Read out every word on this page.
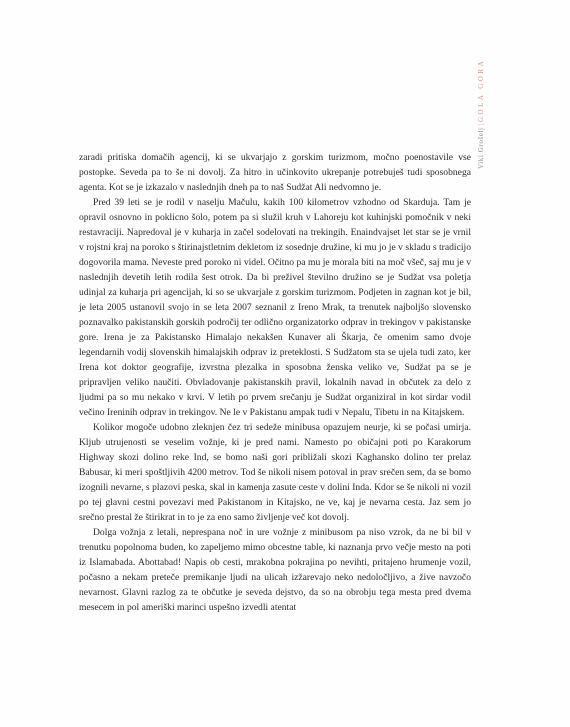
Viki Grošelj
|
GOLA GORA

zaradi pritiska domačih agencij, ki se ukvarjajo z gorskim turizmom, močno poenostavile vse postopke. Seveda pa to še ni dovolj. Za hitro in učinkovito ukrepanje potrebuješ tudi sposobnega agenta. Kot se je izkazalo v naslednjih dneh pa to naš Sudžat Ali nedvomno je.

Pred 39 leti se je rodil v naselju Mačulu, kakih 100 kilometrov vzhodno od Skarduja. Tam je opravil osnovno in poklicno šolo, potem pa si služil kruh v Lahoreju kot kuhinjski pomočnik v neki restavraciji. Napredoval je v kuharja in začel sodelovati na trekingih. Enaindvajset let star se je vrnil v rojstni kraj na poroko s štirinajstletnim dekletom iz sosednje družine, ki mu jo je v skladu s tradicijo dogovorila mama. Neveste pred poroko ni videl. Očitno pa mu je morala biti na moč všeč, saj mu je v naslednjih devetih letih rodila šest otrok. Da bi preživel številno družino se je Sudžat vsa poletja udinjal za kuharja pri agencijah, ki so se ukvarjale z gorskim turizmom. Podjeten in zagnan kot je bil, je leta 2005 ustanovil svojo in se leta 2007 seznanil z Ireno Mrak, ta trenutek najboljšo slovensko poznavalko pakistanskih gorskih področij ter odlično organizatorko odprav in trekingov v pakistanske gore. Irena je za Pakistansko Himalajo nekakšen Kunaver ali Škarja, če omenim samo dvoje legendarnih vodij slovenskih himalajskih odprav iz preteklosti. S Sudžatom sta se ujela tudi zato, ker Irena kot doktor geografije, izvrstna plezalka in sposobna ženska veliko ve, Sudžat pa se je pripravljen veliko naučiti. Obvladovanje pakistanskih pravil, lokalnih navad in občutek za delo z ljudmi pa so mu nekako v krvi. V letih po prvem srečanju je Sudžat organiziral in kot sirdar vodil večino Ireninih odprav in trekingov. Ne le v Pakistanu ampak tudi v Nepalu, Tibetu in na Kitajskem.

Kolikor mogoče udobno zleknjen čez tri sedeže minibusa opazujem neurje, ki se počasi umirja. Kljub utrujenosti se veselim vožnje, ki je pred nami. Namesto po običajni poti po Karakorum Highway skozi dolino reke Ind, se bomo naši gori približali skozi Kaghansko dolino ter prelaz Babusar, ki meri spoštljivih 4200 metrov. Tod še nikoli nisem potoval in prav srečen sem, da se bomo izognili nevarne, s plazovi peska, skal in kamenja zasute ceste v dolini Inda. Kdor se še nikoli ni vozil po tej glavni cestni povezavi med Pakistanom in Kitajsko, ne ve, kaj je nevarna cesta. Jaz sem jo srečno prestal že štirikrat in to je za eno samo življenje več kot dovolj.

Dolga vožnja z letali, neprespana noč in ure vožnje z minibusom pa niso vzrok, da ne bi bil v trenutku popolnoma buden, ko zapeljemo mimo obcestne table, ki naznanja prvo večje mesto na poti iz Islamabada. Abottabad! Napis ob cesti, mrakobna pokrajina po nevihti, pritajeno hrumenje vozil, počasno a nekam preteče premikanje ljudi na ulicah izžarevajo neko nedoločljivo, a žive navzočo nevarnost. Glavni razlog za te občutke je seveda dejstvo, da so na obrobju tega mesta pred dvema mesecem in pol ameriški marinci uspešno izvedli atentat
